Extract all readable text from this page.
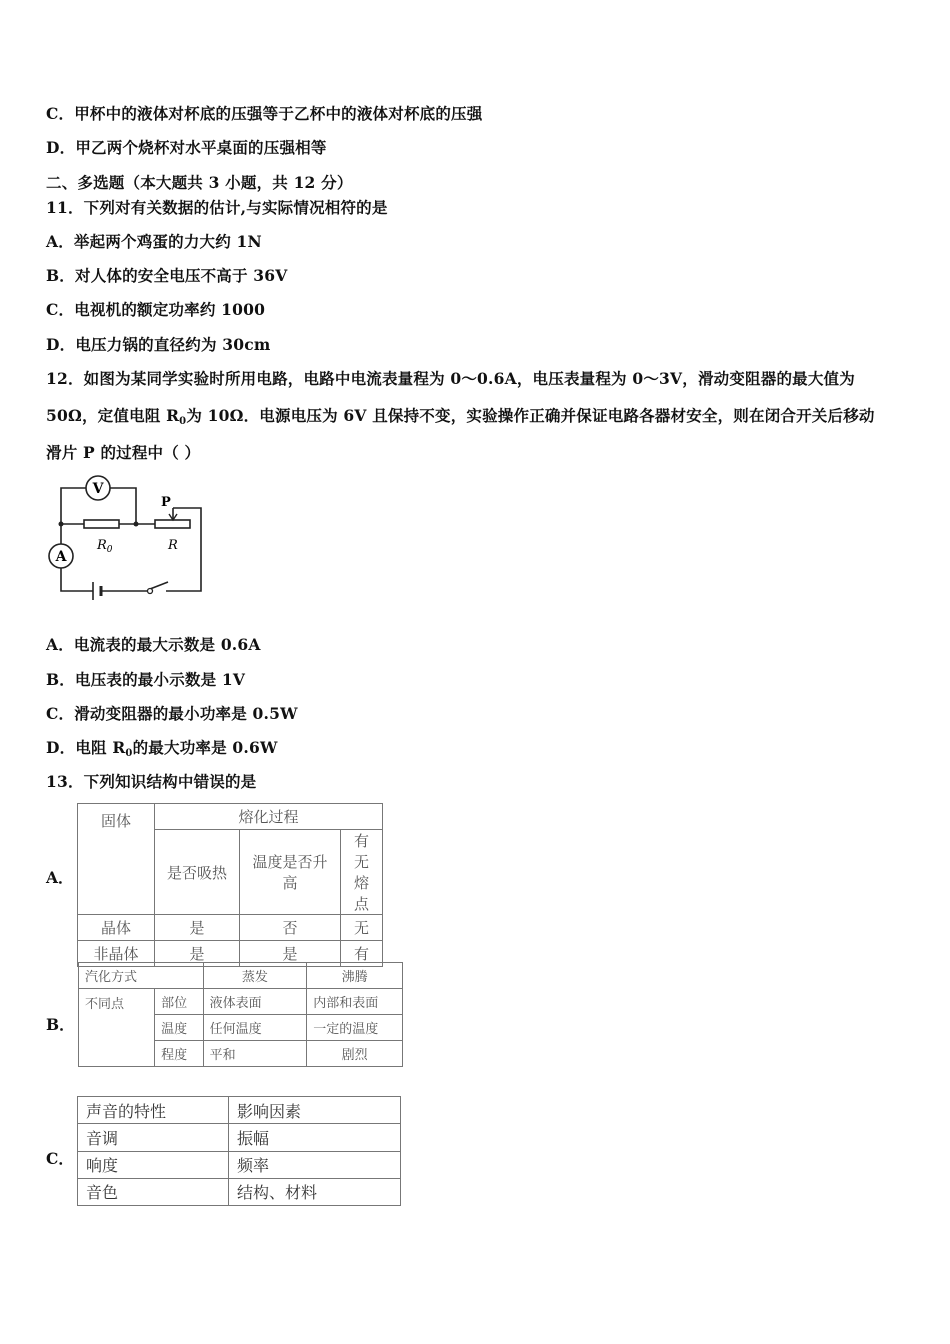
C．甲杯中的液体对杯底的压强等于乙杯中的液体对杯底的压强
D．甲乙两个烧杯对水平桌面的压强相等
二、多选题（本大题共 3 小题，共 12 分）
11．下列对有关数据的估计,与实际情况相符的是
A．举起两个鸡蛋的力大约 1N
B．对人体的安全电压不高于 36V
C．电视机的额定功率约 1000
D．电压力锅的直径约为 30cm
12．如图为某同学实验时所用电路，电路中电流表量程为 0～0.6A，电压表量程为 0～3V，滑动变阻器的最大值为
50Ω，定值电阻 $R_0$为 10Ω．电源电压为 6V 且保持不变，实验操作正确并保证电路各器材安全，则在闭合开关后移动
滑片 P 的过程中（ ）
V
A
P
$R_0$	R
A．电流表的最大示数是 0.6A
B．电压表的最小示数是 1V
C．滑动变阻器的最小功率是 0.5W
D．电阻 $R_0$的最大功率是 0.6W
13．下列知识结构中错误的是
A．
固体	熔化过程		
	是否吸热	温度是否升高	有无熔点
晶体	是	否	无
非晶体	是	是	有
B．
汽化方式		蒸发	沸腾
不同点	部位	液体表面	内部和表面
	温度	任何温度	一定的温度
	程度	平和	剧烈
C．
声音的特性	影响因素
音调	振幅
响度	频率
音色	结构、材料
